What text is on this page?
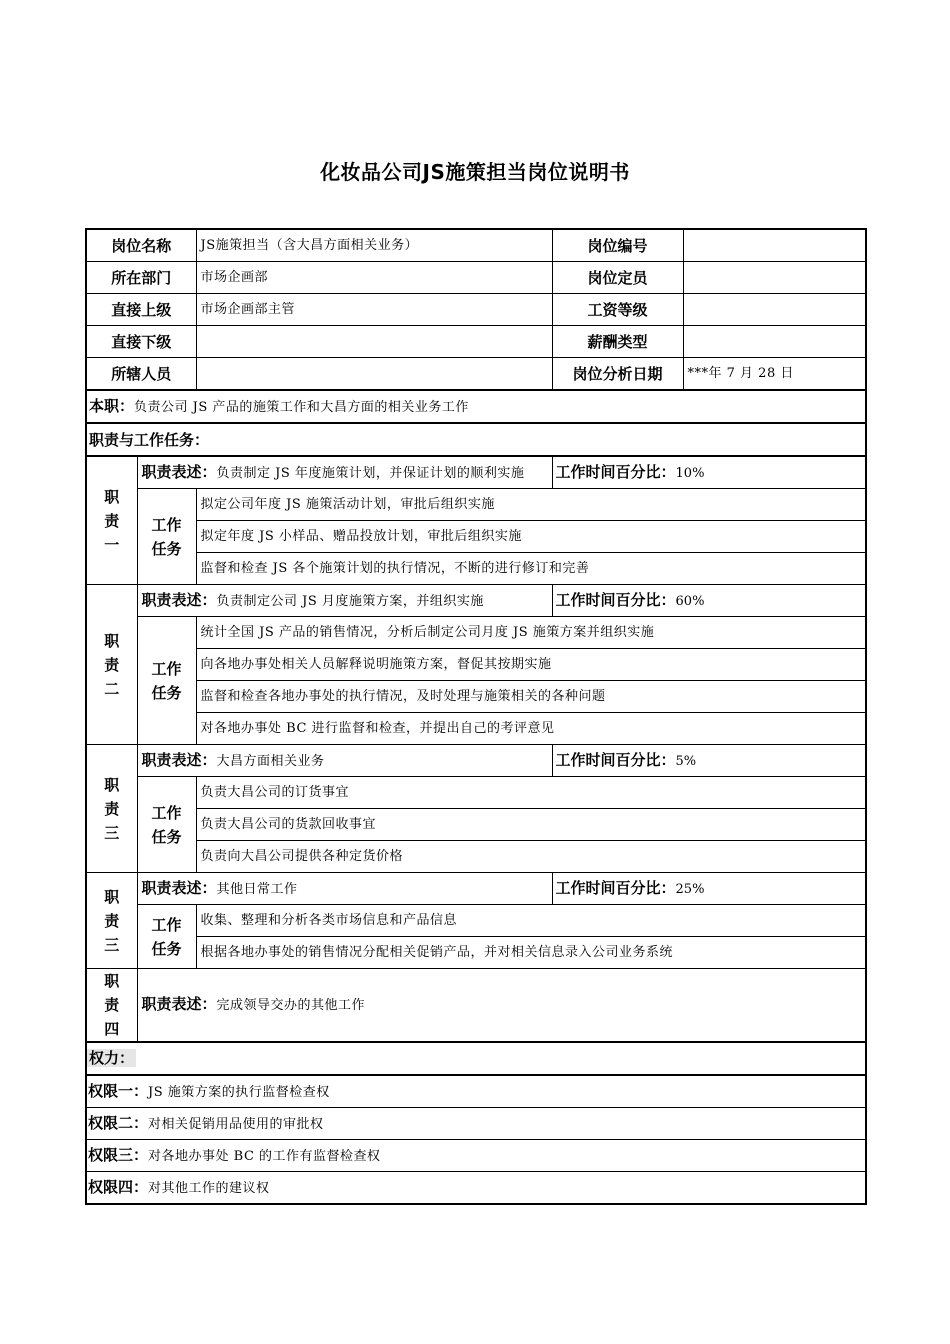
化妆品公司JS施策担当岗位说明书
岗位名称		JS施策担当（含大昌方面相关业务）	岗位编号	
所在部门		市场企画部	岗位定员	
直接上级		市场企画部主管	工资等级	
直接下级			薪酬类型	
所辖人员			岗位分析日期	***年 7 月 28 日
本职：负责公司 JS 产品的施策工作和大昌方面的相关业务工作				
职责与工作任务：				
职
责
一	职责表述：负责制定 JS 年度施策计划，并保证计划的顺利实施		工作时间百分比：10%	
	工作
任务	拟定公司年度 JS 施策活动计划，审批后组织实施		
		拟定年度 JS 小样品、赠品投放计划，审批后组织实施		
		监督和检查 JS 各个施策计划的执行情况，不断的进行修订和完善		
职
责
二	职责表述：负责制定公司 JS 月度施策方案，并组织实施		工作时间百分比：60%	
	工作
任务	统计全国 JS 产品的销售情况，分析后制定公司月度 JS 施策方案并组织实施		
		向各地办事处相关人员解释说明施策方案，督促其按期实施		
		监督和检查各地办事处的执行情况，及时处理与施策相关的各种问题		
		对各地办事处 BC 进行监督和检查，并提出自己的考评意见		
职
责
三	职责表述：大昌方面相关业务		工作时间百分比：5%	
	工作
任务	负责大昌公司的订货事宜		
		负责大昌公司的货款回收事宜		
		负责向大昌公司提供各种定货价格		
职
责
三	职责表述：其他日常工作		工作时间百分比：25%	
	工作
任务	收集、整理和分析各类市场信息和产品信息		
		根据各地办事处的销售情况分配相关促销产品，并对相关信息录入公司业务系统		
职
责
四	职责表述：完成领导交办的其他工作			
权力：				
权限一：JS 施策方案的执行监督检查权				
权限二：对相关促销用品使用的审批权				
权限三：对各地办事处 BC 的工作有监督检查权				
权限四：对其他工作的建议权				
